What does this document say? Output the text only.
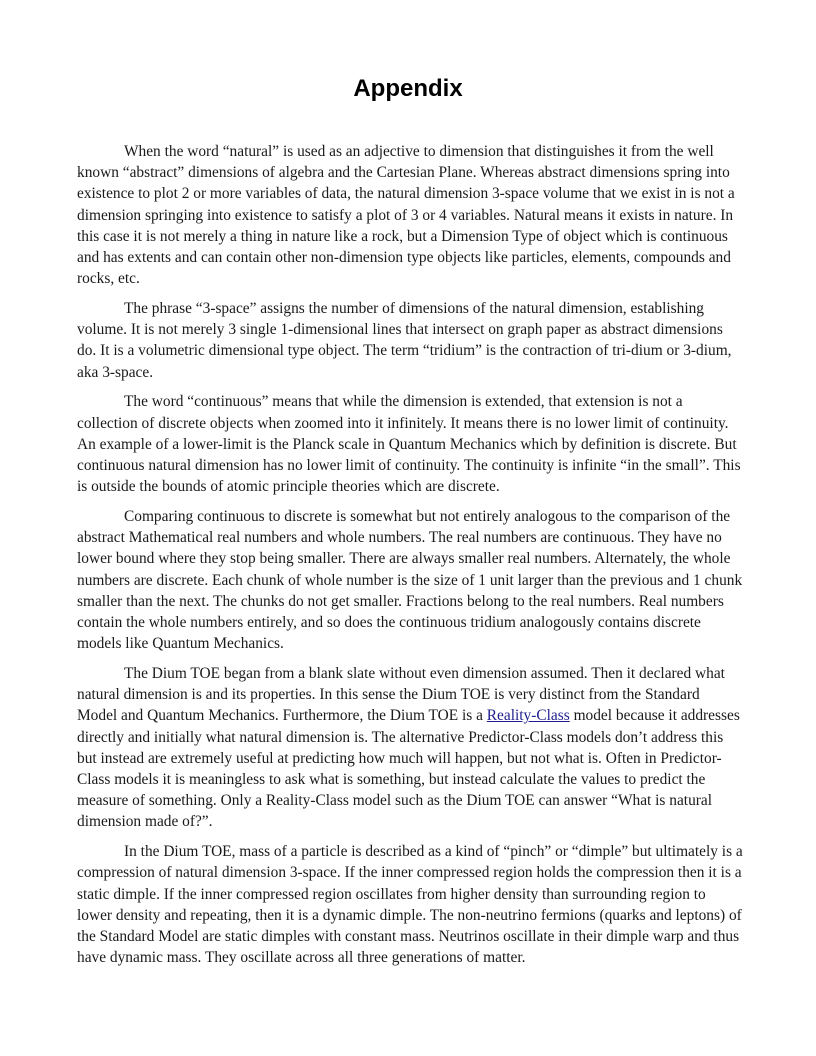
Appendix

When the word “natural” is used as an adjective to dimension that distinguishes it from the well known “abstract” dimensions of algebra and the Cartesian Plane. Whereas abstract dimensions spring into existence to plot 2 or more variables of data, the natural dimension 3-space volume that we exist in is not a dimension springing into existence to satisfy a plot of 3 or 4 variables. Natural means it exists in nature. In this case it is not merely a thing in nature like a rock, but a Dimension Type of object which is continuous and has extents and can contain other non-dimension type objects like particles, elements, compounds and rocks, etc.

The phrase “3-space” assigns the number of dimensions of the natural dimension, establishing volume. It is not merely 3 single 1-dimensional lines that intersect on graph paper as abstract dimensions do. It is a volumetric dimensional type object. The term “tridium” is the contraction of tri-dium or 3-dium, aka 3-space.

The word “continuous” means that while the dimension is extended, that extension is not a collection of discrete objects when zoomed into it infinitely. It means there is no lower limit of continuity. An example of a lower-limit is the Planck scale in Quantum Mechanics which by definition is discrete. But continuous natural dimension has no lower limit of continuity. The continuity is infinite “in the small”. This is outside the bounds of atomic principle theories which are discrete.

Comparing continuous to discrete is somewhat but not entirely analogous to the comparison of the abstract Mathematical real numbers and whole numbers. The real numbers are continuous. They have no lower bound where they stop being smaller. There are always smaller real numbers. Alternately, the whole numbers are discrete. Each chunk of whole number is the size of 1 unit larger than the previous and 1 chunk smaller than the next. The chunks do not get smaller. Fractions belong to the real numbers. Real numbers contain the whole numbers entirely, and so does the continuous tridium analogously contains discrete models like Quantum Mechanics.

The Dium TOE began from a blank slate without even dimension assumed. Then it declared what natural dimension is and its properties. In this sense the Dium TOE is very distinct from the Standard Model and Quantum Mechanics. Furthermore, the Dium TOE is a Reality-Class model because it addresses directly and initially what natural dimension is. The alternative Predictor-Class models don’t address this but instead are extremely useful at predicting how much will happen, but not what is. Often in Predictor-Class models it is meaningless to ask what is something, but instead calculate the values to predict the measure of something. Only a Reality-Class model such as the Dium TOE can answer “What is natural dimension made of?”.

In the Dium TOE, mass of a particle is described as a kind of “pinch” or “dimple” but ultimately is a compression of natural dimension 3-space. If the inner compressed region holds the compression then it is a static dimple. If the inner compressed region oscillates from higher density than surrounding region to lower density and repeating, then it is a dynamic dimple. The non-neutrino fermions (quarks and leptons) of the Standard Model are static dimples with constant mass. Neutrinos oscillate in their dimple warp and thus have dynamic mass. They oscillate across all three generations of matter.
